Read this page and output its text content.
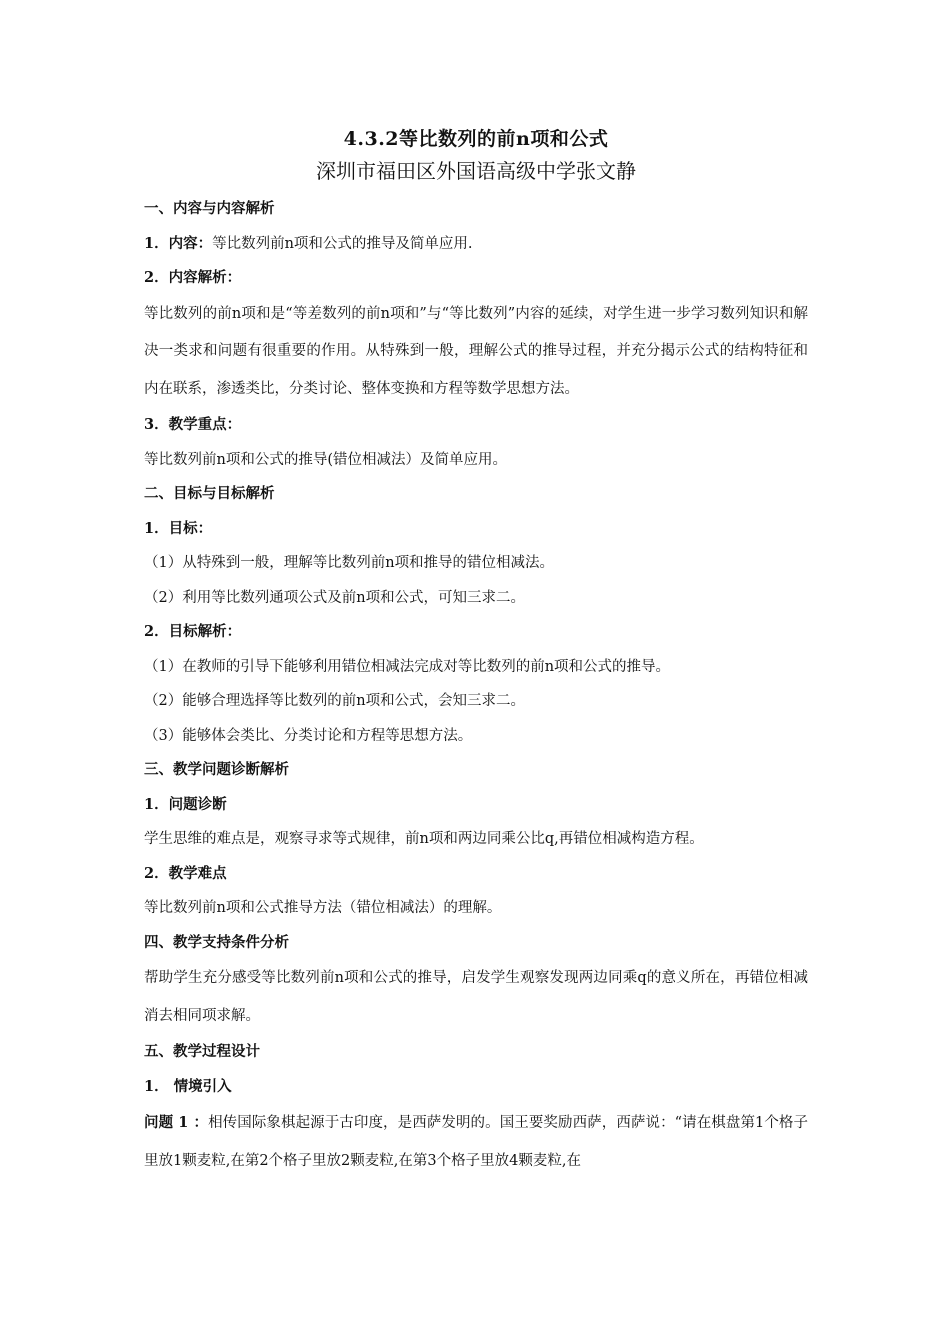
4.3.2等比数列的前n项和公式
深圳市福田区外国语高级中学张文静
一、内容与内容解析
1．内容：等比数列前n项和公式的推导及简单应用.
2．内容解析：
等比数列的前n项和是“等差数列的前n项和”与“等比数列”内容的延续，对学生进一步学习数列知识和解决一类求和问题有很重要的作用。从特殊到一般，理解公式的推导过程，并充分揭示公式的结构特征和内在联系，渗透类比，分类讨论、整体变换和方程等数学思想方法。
3．教学重点：
等比数列前n项和公式的推导(错位相减法）及简单应用。
二、目标与目标解析
1．目标：
（1）从特殊到一般，理解等比数列前n项和推导的错位相减法。
（2）利用等比数列通项公式及前n项和公式，可知三求二。
2．目标解析：
（1）在教师的引导下能够利用错位相减法完成对等比数列的前n项和公式的推导。
（2）能够合理选择等比数列的前n项和公式，会知三求二。
（3）能够体会类比、分类讨论和方程等思想方法。
三、教学问题诊断解析
1．问题诊断
学生思维的难点是，观察寻求等式规律，前n项和两边同乘公比q,再错位相减构造方程。
2．教学难点
等比数列前n项和公式推导方法（错位相减法）的理解。
四、教学支持条件分析
帮助学生充分感受等比数列前n项和公式的推导，启发学生观察发现两边同乘q的意义所在，再错位相减消去相同项求解。
五、教学过程设计
1． 情境引入
问题 1 ：相传国际象棋起源于古印度，是西萨发明的。国王要奖励西萨，西萨说：“请在棋盘第1个格子里放1颗麦粒,在第2个格子里放2颗麦粒,在第3个格子里放4颗麦粒,在
